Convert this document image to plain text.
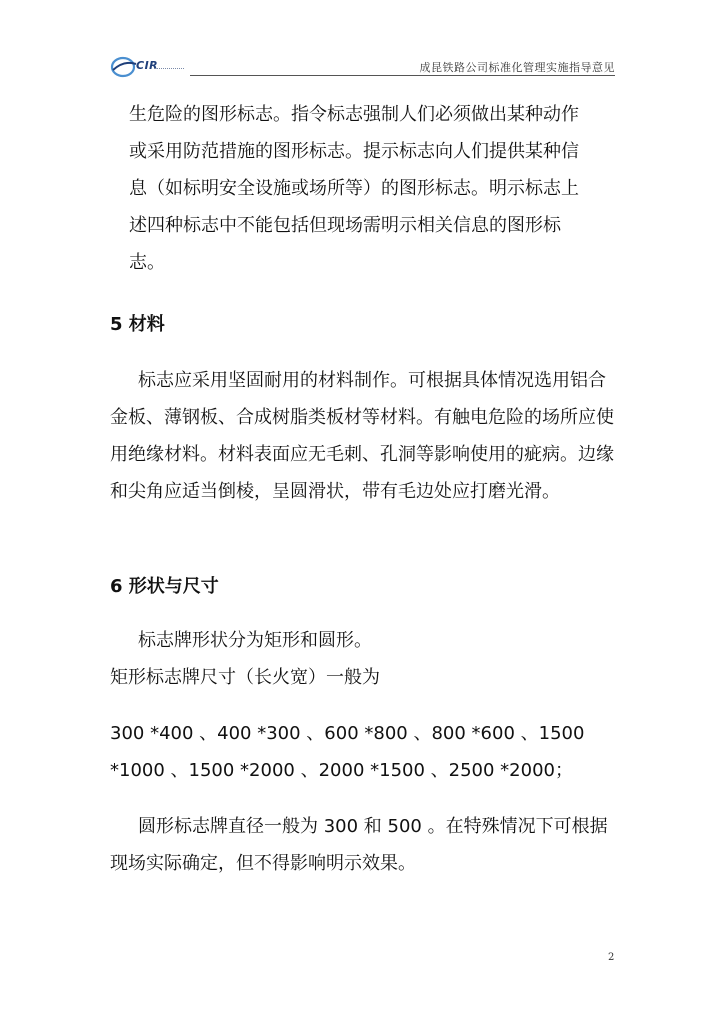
CIR	成昆铁路公司标准化管理实施指导意见

生危险的图形标志。指令标志强制人们必须做出某种动作
或采用防范措施的图形标志。提示标志向人们提供某种信
息（如标明安全设施或场所等）的图形标志。明示标志上
述四种标志中不能包括但现场需明示相关信息的图形标
志。

5 材料

标志应采用坚固耐用的材料制作。可根据具体情况选用铝合金板、薄钢板、合成树脂类板材等材料。有触电危险的场所应使用绝缘材料。材料表面应无毛刺、孔洞等影响使用的疵病。边缘和尖角应适当倒棱，呈圆滑状，带有毛边处应打磨光滑。

6 形状与尺寸

标志牌形状分为矩形和圆形。

矩形标志牌尺寸（长火宽）一般为

300 *400 、400 *300 、600 *800 、800 *600 、1500
*1000 、1500 *2000 、2000 *1500 、2500 *2000；

圆形标志牌直径一般为 300 和 500 。在特殊情况下可根据现场实际确定，但不得影响明示效果。

2
